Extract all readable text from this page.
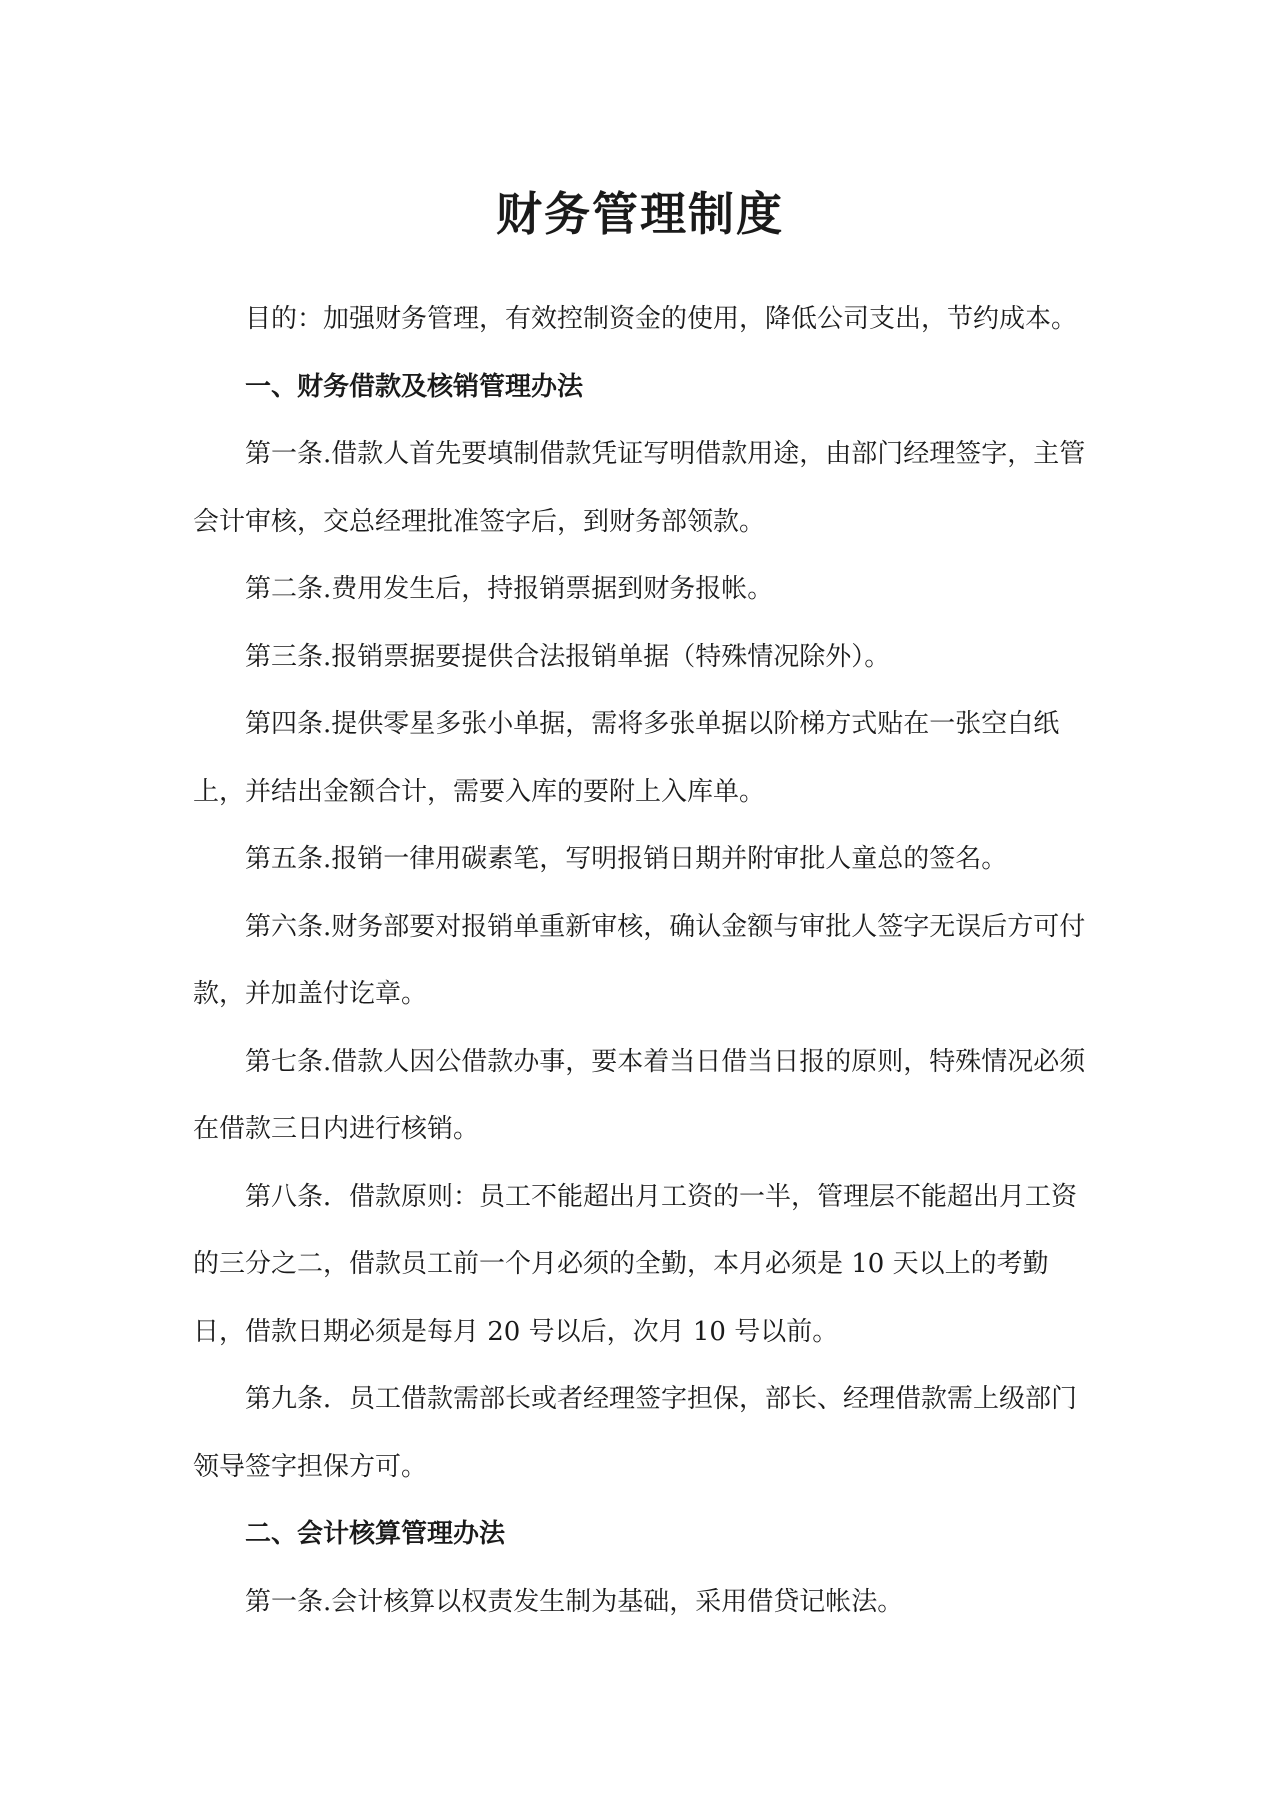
财务管理制度

目的：加强财务管理，有效控制资金的使用，降低公司支出，节约成本。

一、财务借款及核销管理办法

第一条.借款人首先要填制借款凭证写明借款用途，由部门经理签字，主管会计审核，交总经理批准签字后，到财务部领款。

第二条.费用发生后，持报销票据到财务报帐。

第三条.报销票据要提供合法报销单据（特殊情况除外）。

第四条.提供零星多张小单据，需将多张单据以阶梯方式贴在一张空白纸上，并结出金额合计，需要入库的要附上入库单。

第五条.报销一律用碳素笔，写明报销日期并附审批人童总的签名。

第六条.财务部要对报销单重新审核，确认金额与审批人签字无误后方可付款，并加盖付讫章。

第七条.借款人因公借款办事，要本着当日借当日报的原则，特殊情况必须在借款三日内进行核销。

第八条．借款原则：员工不能超出月工资的一半，管理层不能超出月工资的三分之二，借款员工前一个月必须的全勤，本月必须是 10 天以上的考勤日，借款日期必须是每月 20 号以后，次月 10 号以前。

第九条．员工借款需部长或者经理签字担保，部长、经理借款需上级部门领导签字担保方可。

二、会计核算管理办法

第一条.会计核算以权责发生制为基础，采用借贷记帐法。
